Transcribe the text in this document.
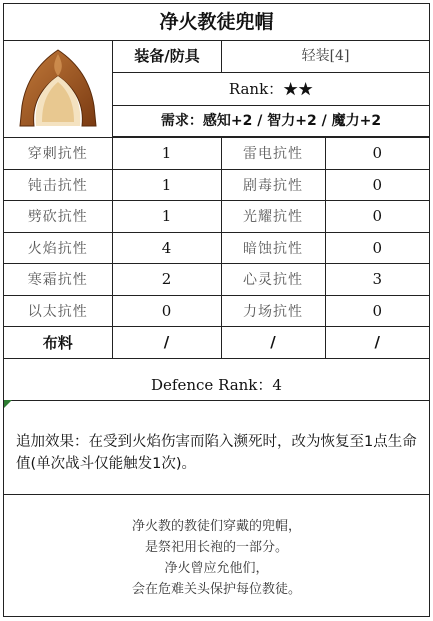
净火教徒兜帽
装备/防具	轻装[4]
Rank：★★
需求：感知+2 / 智力+2 / 魔力+2
穿刺抗性	1	雷电抗性	0
钝击抗性	1	剧毒抗性	0
劈砍抗性	1	光耀抗性	0
火焰抗性	4	暗蚀抗性	0
寒霜抗性	2	心灵抗性	3
以太抗性	0	力场抗性	0
布料	/	/	/
Defence Rank：4
追加效果：在受到火焰伤害而陷入濒死时，改为恢复至1点生命值(单次战斗仅能触发1次)。
净火教的教徒们穿戴的兜帽，
是祭祀用长袍的一部分。
净火曾应允他们，
会在危难关头保护每位教徒。
